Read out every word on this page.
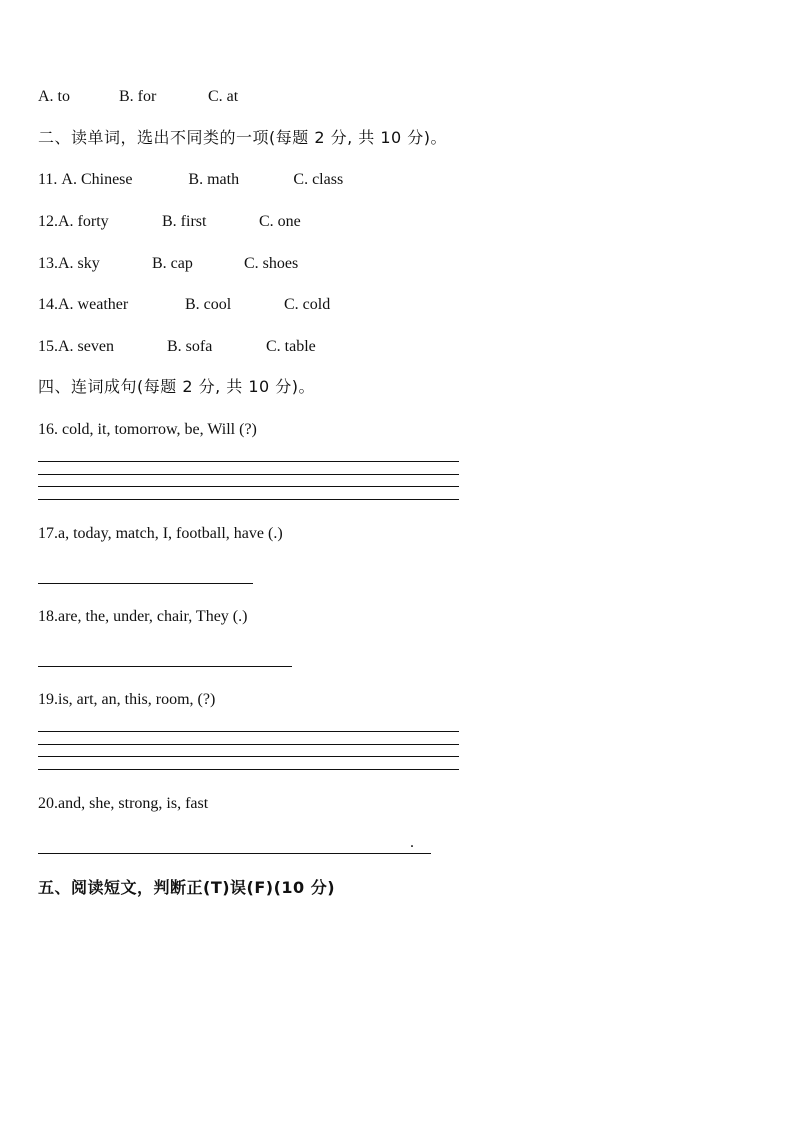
A. to	B. for	C. at
二、读单词，选出不同类的一项(每题 2 分, 共 10 分)。
11. A. Chinese	B. math	C. class
12.A. forty	B. first	C. one
13.A. sky	B. cap	C. shoes
14.A. weather	B. cool	C. cold
15.A. seven	B. sofa	C. table
四、连词成句(每题 2 分, 共 10 分)。
16. cold, it, tomorrow, be, Will (?)
17.a, today, match, I, football, have (.)
18.are, the, under, chair, They (.)
19.is, art, an, this, room, (?)
20.and, she, strong, is, fast
.
五、阅读短文，判断正(T)误(F)(10 分)
